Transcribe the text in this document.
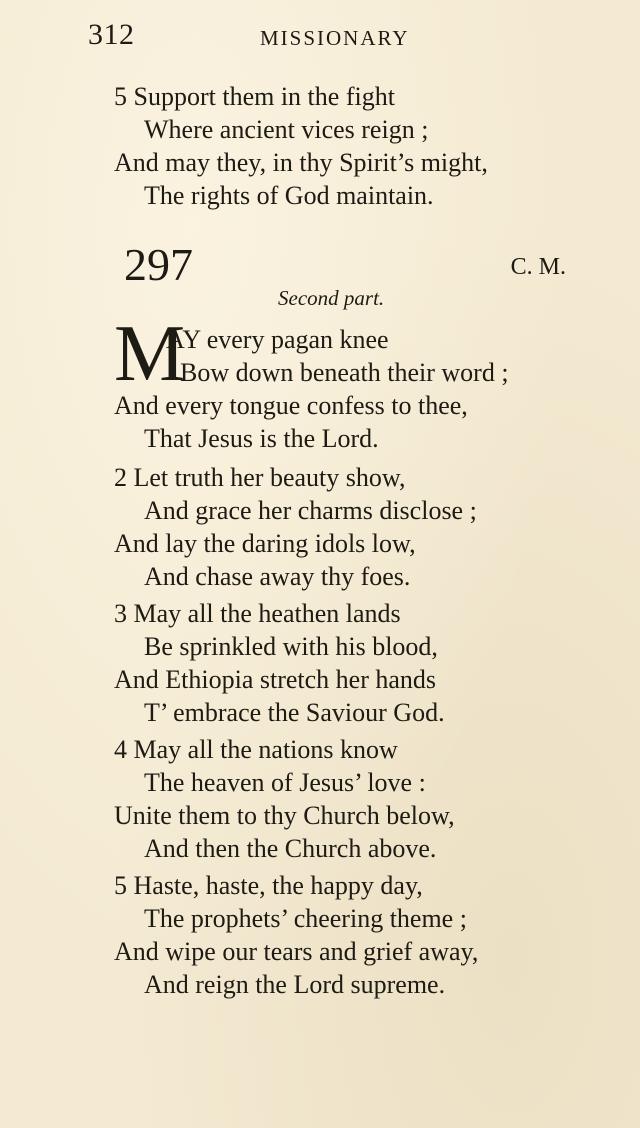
312	MISSIONARY
5 Support them in the fight
Where ancient vices reign ;
And may they, in thy Spirit’s might,
The rights of God maintain.
297	C. M.
Second part.
M
AY every pagan knee
Bow down beneath their word ;
And every tongue confess to thee,
That Jesus is the Lord.
2 Let truth her beauty show,
And grace her charms disclose ;
And lay the daring idols low,
And chase away thy foes.
3 May all the heathen lands
Be sprinkled with his blood,
And Ethiopia stretch her hands
T’ embrace the Saviour God.
4 May all the nations know
The heaven of Jesus’ love :
Unite them to thy Church below,
And then the Church above.
5 Haste, haste, the happy day,
The prophets’ cheering theme ;
And wipe our tears and grief away,
And reign the Lord supreme.
